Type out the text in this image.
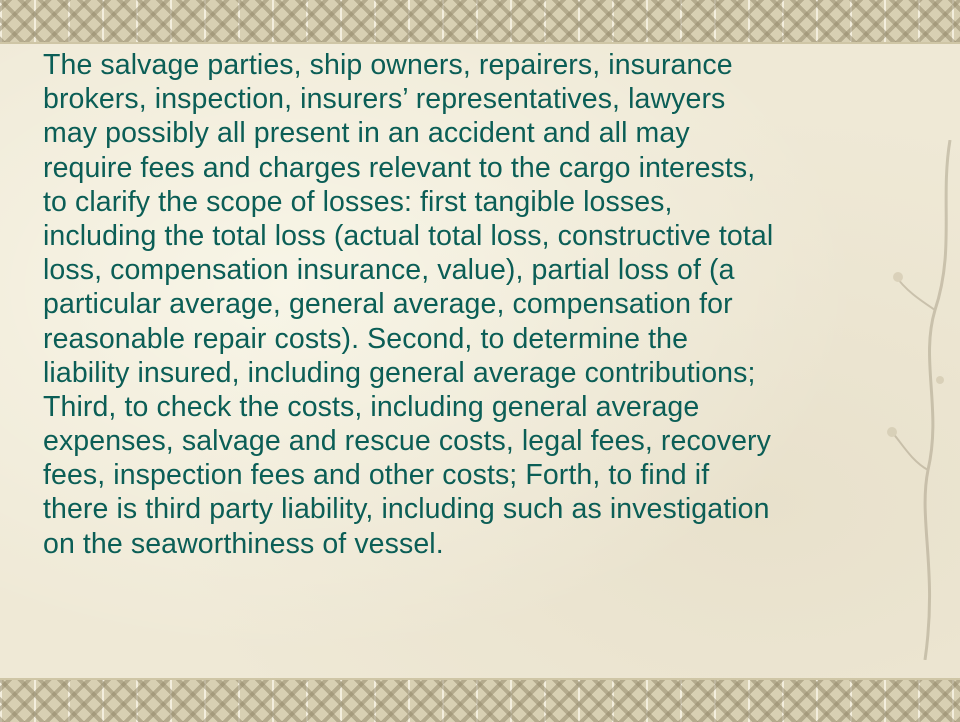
The salvage parties, ship owners, repairers, insurance
brokers, inspection, insurers’ representatives, lawyers
may possibly all present in an accident and all may
require fees and charges relevant to the cargo interests,
to clarify the scope of losses: first tangible losses,
including the total loss (actual total loss, constructive total
loss, compensation insurance, value), partial loss of (a
particular average, general average, compensation for
reasonable repair costs). Second, to determine the
liability insured, including general average contributions;
Third, to check the costs, including general average
expenses, salvage and rescue costs, legal fees, recovery
fees, inspection fees and other costs; Forth, to find if
there is third party liability, including such as investigation
on the seaworthiness of vessel.
